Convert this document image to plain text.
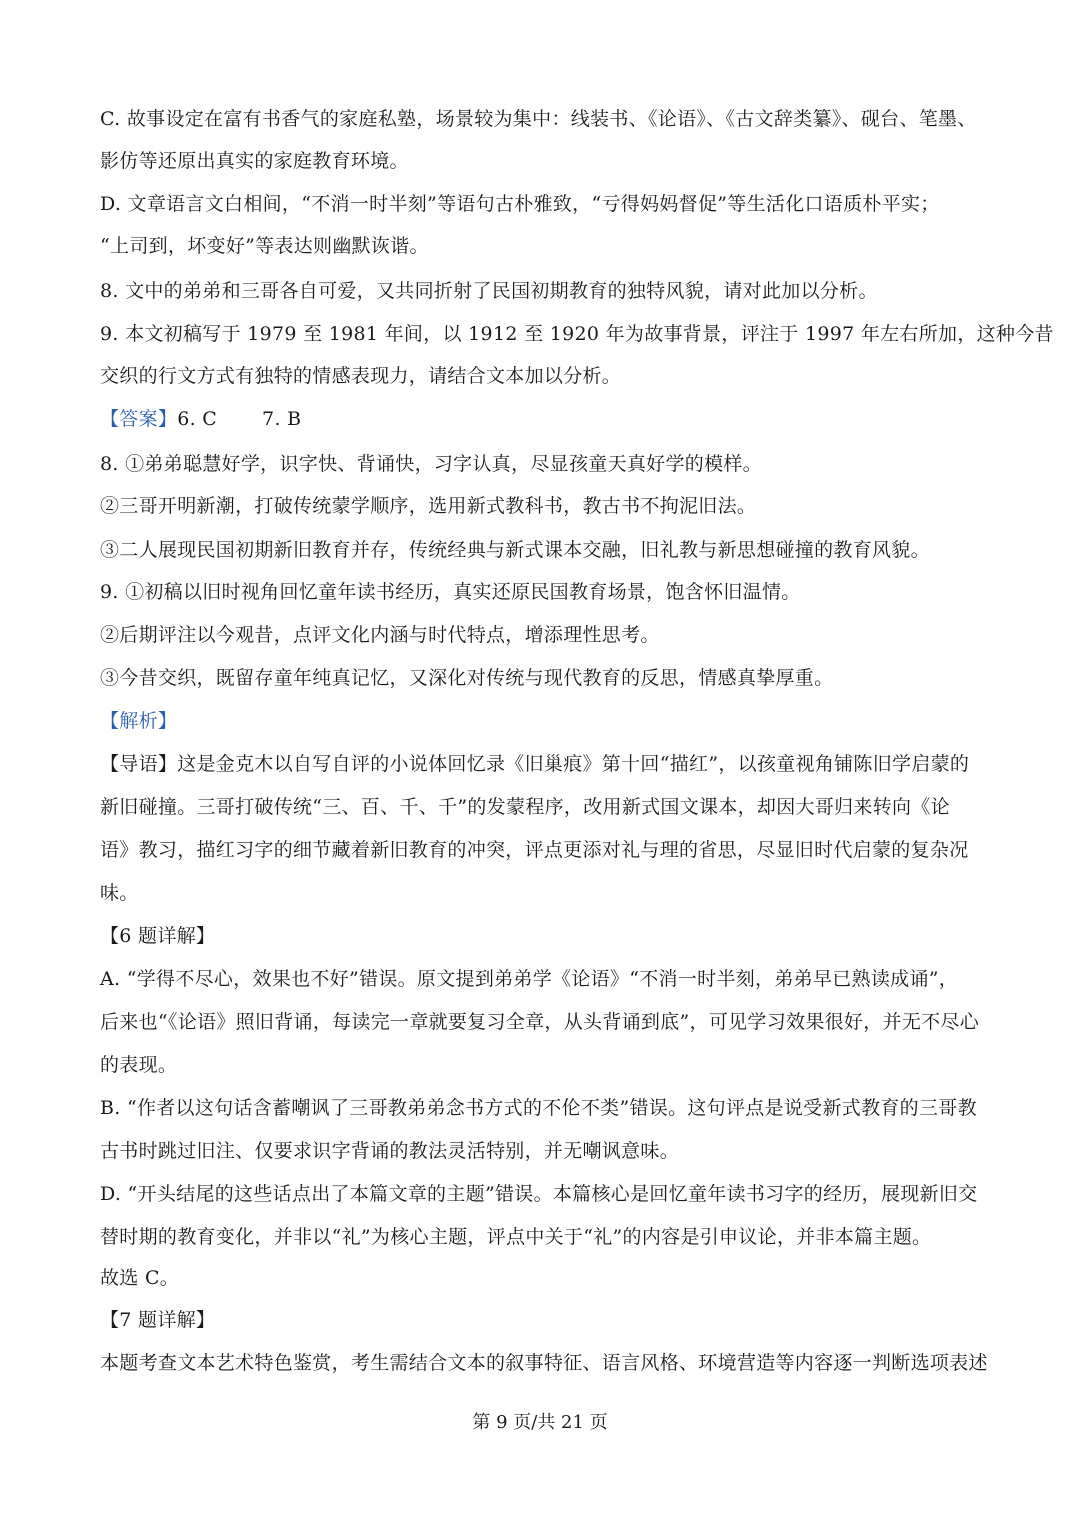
C. 故事设定在富有书香气的家庭私塾，场景较为集中：线装书、《论语》、《古文辞类纂》、砚台、笔墨、
影仿等还原出真实的家庭教育环境。
D. 文章语言文白相间，“不消一时半刻”等语句古朴雅致，“亏得妈妈督促”等生活化口语质朴平实；
“上司到，坏变好”等表达则幽默诙谐。
8. 文中的弟弟和三哥各自可爱，又共同折射了民国初期教育的独特风貌，请对此加以分析。
9. 本文初稿写于 1979 至 1981 年间，以 1912 至 1920 年为故事背景，评注于 1997 年左右所加，这种今昔
交织的行文方式有独特的情感表现力，请结合文本加以分析。
【答案】6. C　　 7. B
8. ①弟弟聪慧好学，识字快、背诵快，习字认真，尽显孩童天真好学的模样。
②三哥开明新潮，打破传统蒙学顺序，选用新式教科书，教古书不拘泥旧法。
③二人展现民国初期新旧教育并存，传统经典与新式课本交融，旧礼教与新思想碰撞的教育风貌。
9. ①初稿以旧时视角回忆童年读书经历，真实还原民国教育场景，饱含怀旧温情。
②后期评注以今观昔，点评文化内涵与时代特点，增添理性思考。
③今昔交织，既留存童年纯真记忆，又深化对传统与现代教育的反思，情感真挚厚重。
【解析】
【导语】这是金克木以自写自评的小说体回忆录《旧巢痕》第十回“描红”，以孩童视角铺陈旧学启蒙的
新旧碰撞。三哥打破传统“三、百、千、千”的发蒙程序，改用新式国文课本，却因大哥归来转向《论
语》教习，描红习字的细节藏着新旧教育的冲突，评点更添对礼与理的省思，尽显旧时代启蒙的复杂况
味。
【6 题详解】
A. “学得不尽心，效果也不好”错误。原文提到弟弟学《论语》“不消一时半刻，弟弟早已熟读成诵”，
后来也“《论语》照旧背诵，每读完一章就要复习全章，从头背诵到底”，可见学习效果很好，并无不尽心
的表现。
B. “作者以这句话含蓄嘲讽了三哥教弟弟念书方式的不伦不类”错误。这句评点是说受新式教育的三哥教
古书时跳过旧注、仅要求识字背诵的教法灵活特别，并无嘲讽意味。
D. “开头结尾的这些话点出了本篇文章的主题”错误。本篇核心是回忆童年读书习字的经历，展现新旧交
替时期的教育变化，并非以“礼”为核心主题，评点中关于“礼”的内容是引申议论，并非本篇主题。
故选 C。
【7 题详解】
本题考查文本艺术特色鉴赏，考生需结合文本的叙事特征、语言风格、环境营造等内容逐一判断选项表述
第 9 页/共 21 页
